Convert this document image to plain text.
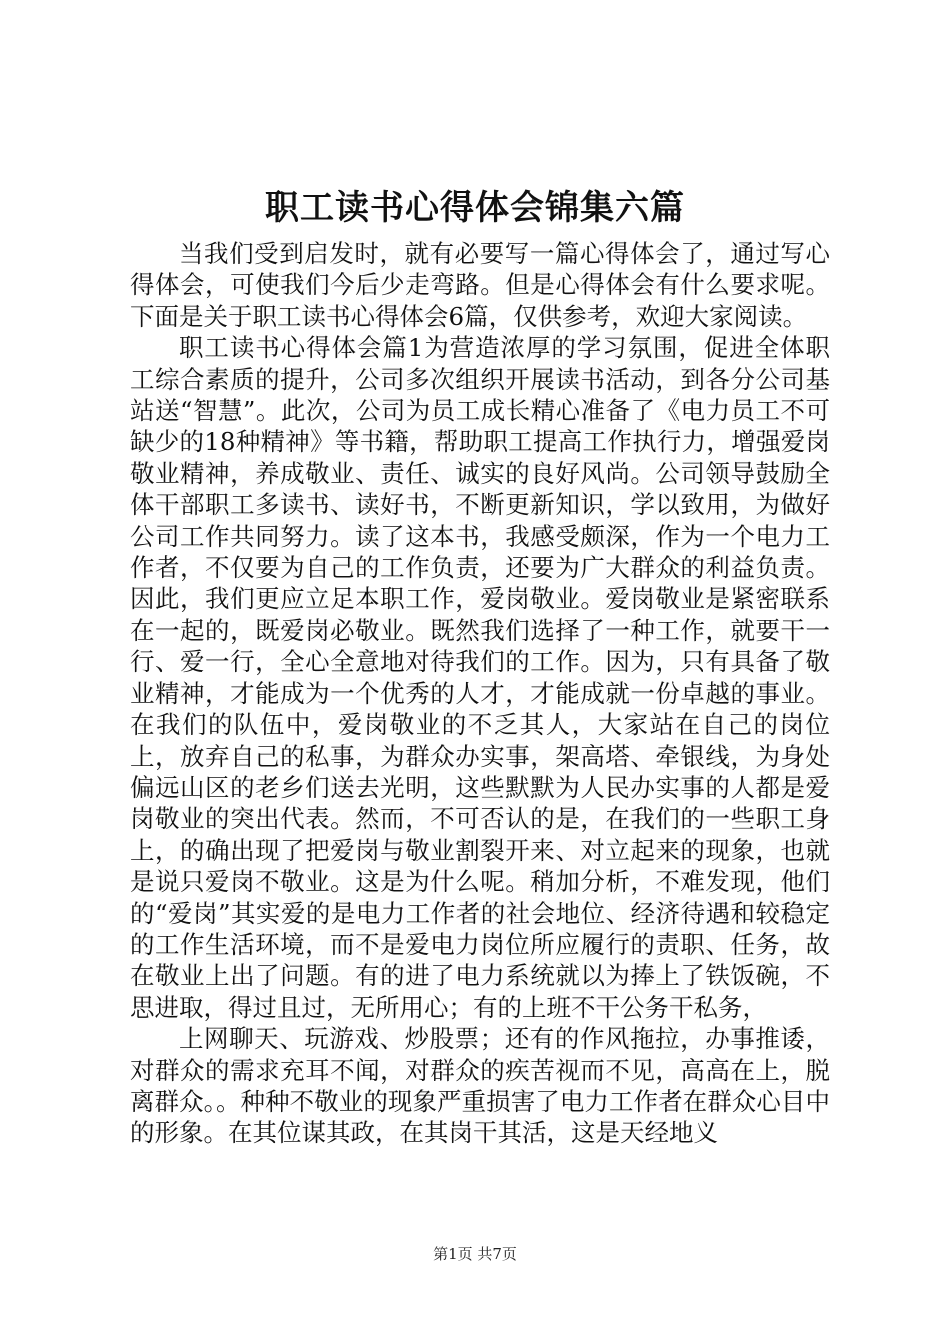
职工读书心得体会锦集六篇

当我们受到启发时，就有必要写一篇心得体会了，通过写心得体会，可使我们今后少走弯路。但是心得体会有什么要求呢。下面是关于职工读书心得体会6篇，仅供参考，欢迎大家阅读。

职工读书心得体会篇1为营造浓厚的学习氛围，促进全体职工综合素质的提升，公司多次组织开展读书活动，到各分公司基站送“智慧”。此次，公司为员工成长精心准备了《电力员工不可缺少的18种精神》等书籍，帮助职工提高工作执行力，增强爱岗敬业精神，养成敬业、责任、诚实的良好风尚。公司领导鼓励全体干部职工多读书、读好书，不断更新知识，学以致用，为做好公司工作共同努力。读了这本书，我感受颇深，作为一个电力工作者，不仅要为自己的工作负责，还要为广大群众的利益负责。因此，我们更应立足本职工作，爱岗敬业。爱岗敬业是紧密联系在一起的，既爱岗必敬业。既然我们选择了一种工作，就要干一行、爱一行，全心全意地对待我们的工作。因为，只有具备了敬业精神，才能成为一个优秀的人才，才能成就一份卓越的事业。在我们的队伍中，爱岗敬业的不乏其人，大家站在自己的岗位上，放弃自己的私事，为群众办实事，架高塔、牵银线，为身处偏远山区的老乡们送去光明，这些默默为人民办实事的人都是爱岗敬业的突出代表。然而，不可否认的是，在我们的一些职工身上，的确出现了把爱岗与敬业割裂开来、对立起来的现象，也就是说只爱岗不敬业。这是为什么呢。稍加分析，不难发现，他们的“爱岗”其实爱的是电力工作者的社会地位、经济待遇和较稳定的工作生活环境，而不是爱电力岗位所应履行的责职、任务，故在敬业上出了问题。有的进了电力系统就以为捧上了铁饭碗，不思进取，得过且过，无所用心；有的上班不干公务干私务，

上网聊天、玩游戏、炒股票；还有的作风拖拉，办事推诿，对群众的需求充耳不闻，对群众的疾苦视而不见，高高在上，脱离群众。。种种不敬业的现象严重损害了电力工作者在群众心目中的形象。在其位谋其政，在其岗干其活，这是天经地义

第1页 共7页
